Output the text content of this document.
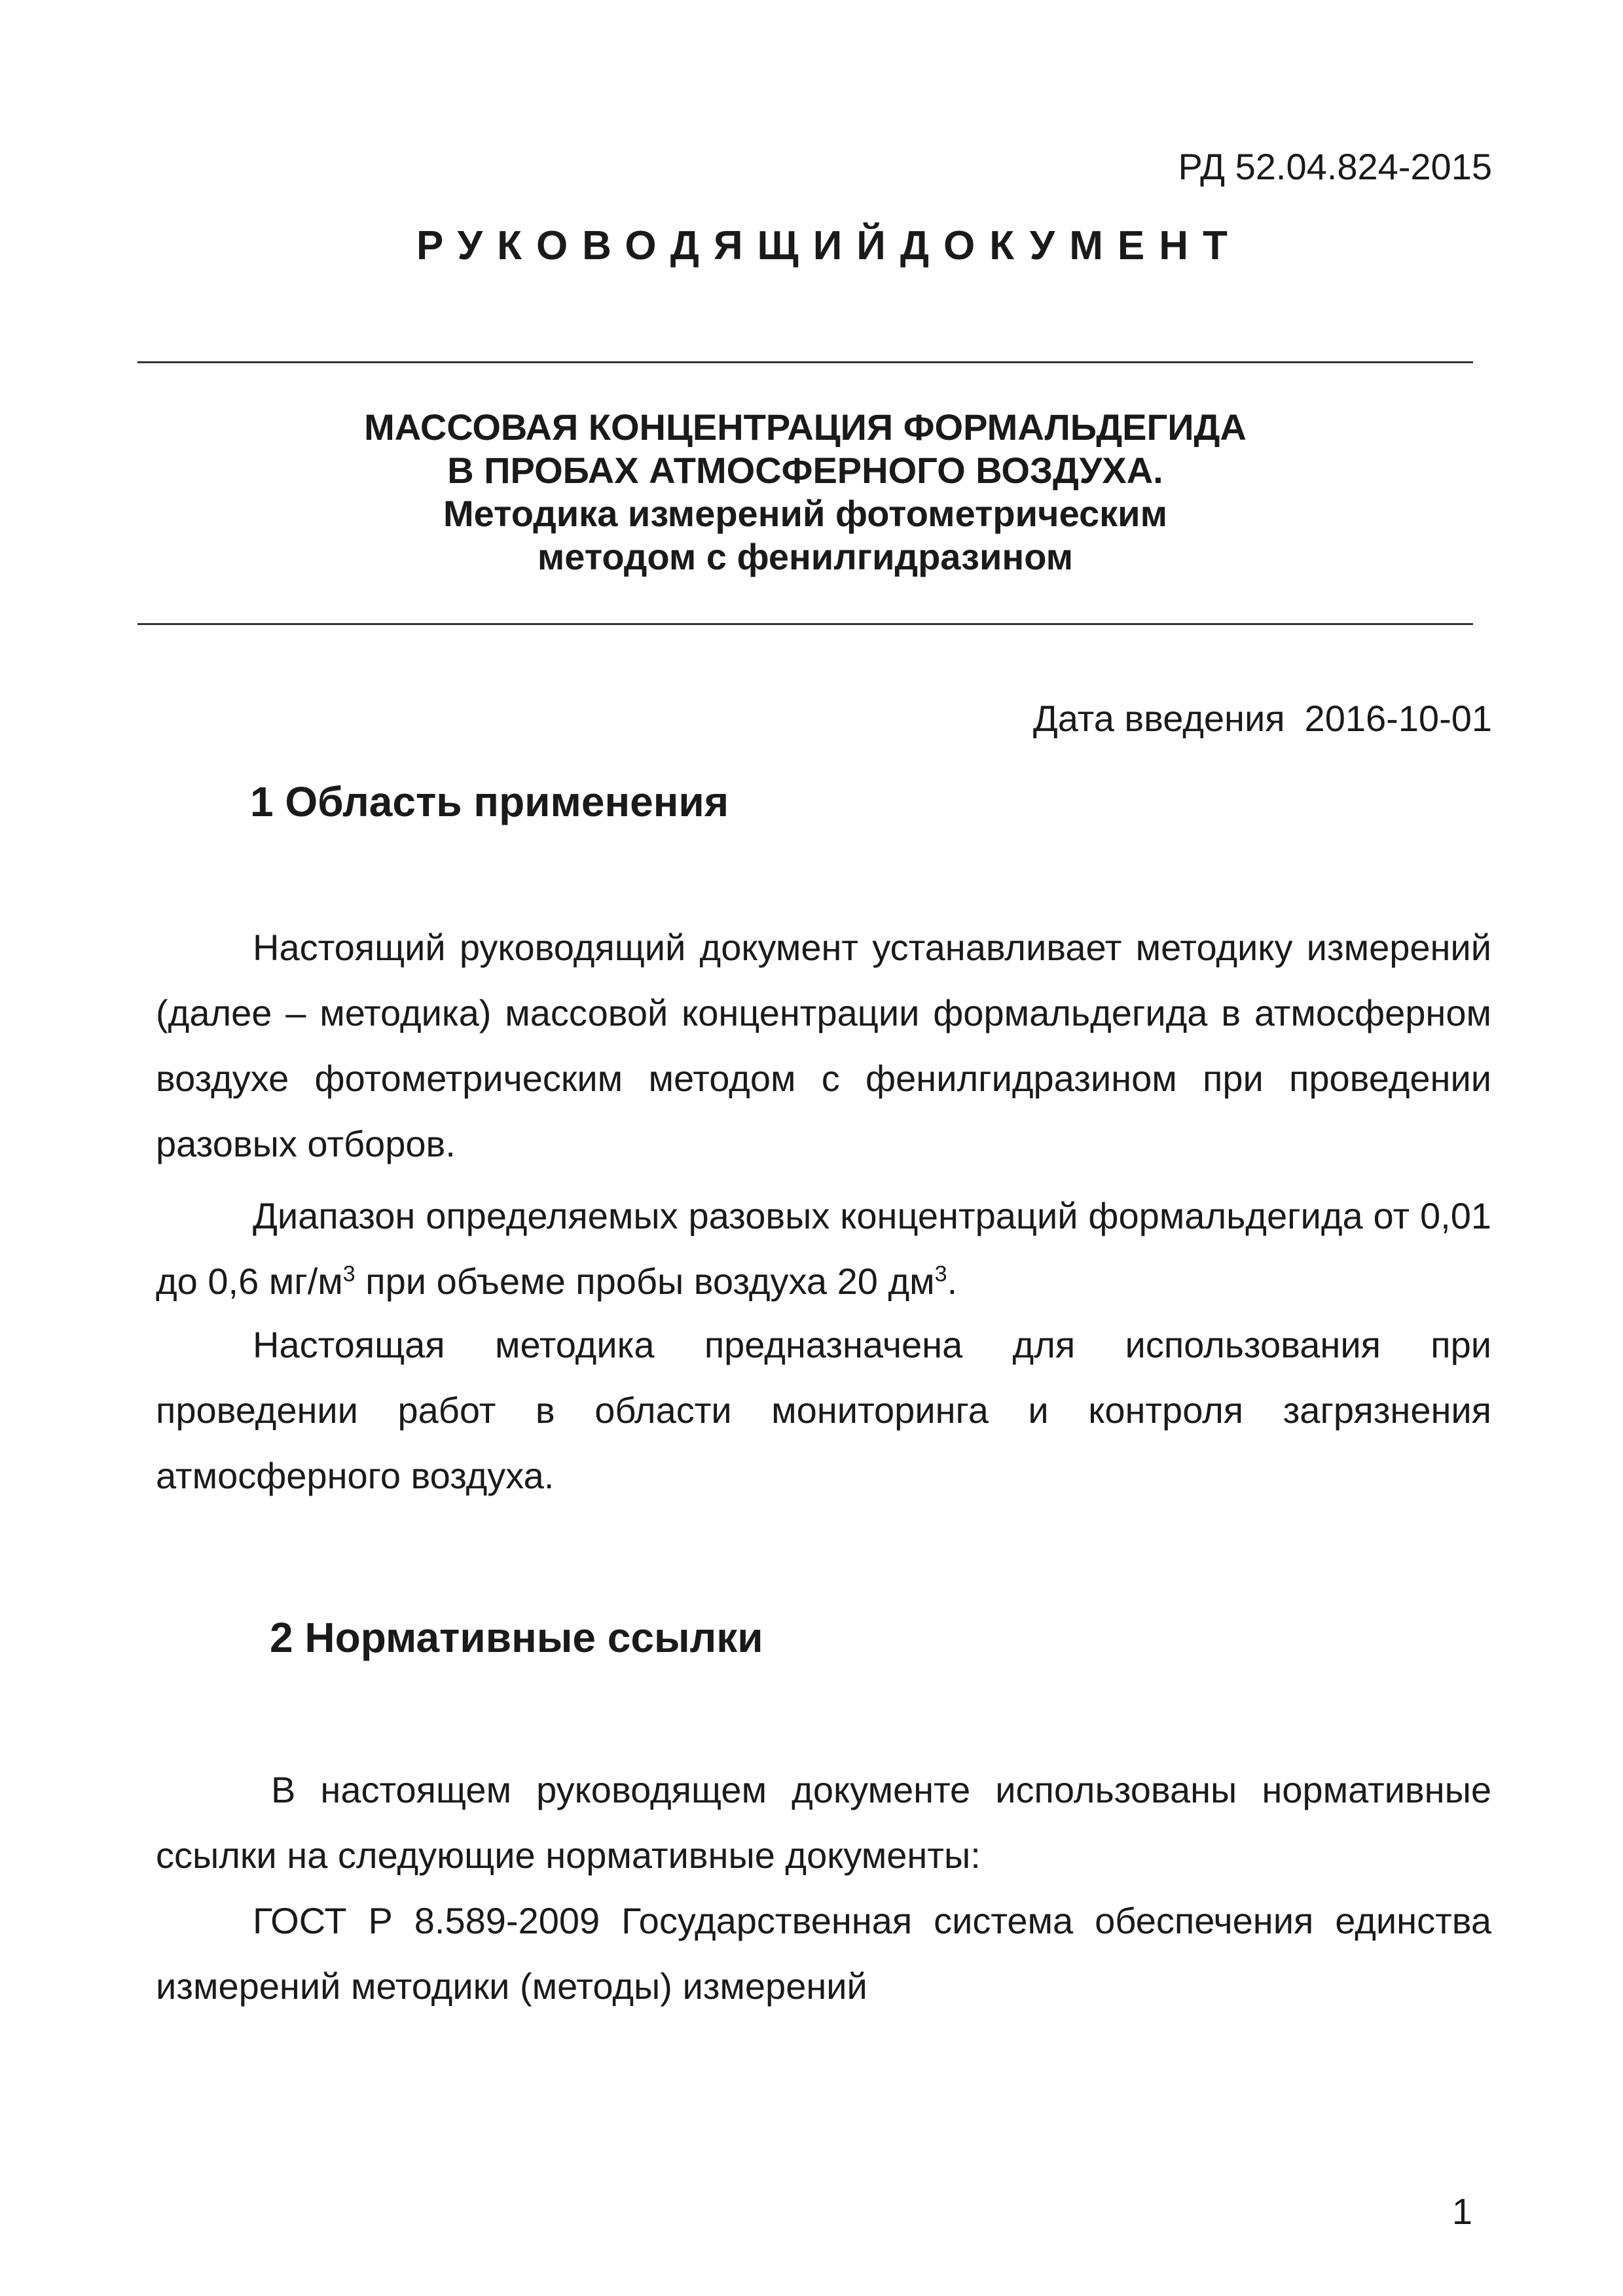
РД 52.04.824-2015
РУКОВОДЯЩИЙДОКУМЕНТ
МАССОВАЯ КОНЦЕНТРАЦИЯ ФОРМАЛЬДЕГИДА
В ПРОБАХ АТМОСФЕРНОГО ВОЗДУХА.
Методика измерений фотометрическим
методом с фенилгидразином
Дата введения 2016-10-01
1 Область применения
Настоящий руководящий документ устанавливает методику измерений (далее – методика) массовой концентрации формальдегида в атмосферном воздухе фотометрическим методом с фенилгидразином при проведении разовых отборов.
Диапазон определяемых разовых концентраций формальдегида от 0,01 до 0,6 $мг/м^3$ при объеме пробы воздуха 20 $дм^3$.
Настоящая методика предназначена для использования при проведении работ в области мониторинга и контроля загрязнения атмосферного воздуха.
2 Нормативные ссылки
В настоящем руководящем документе использованы нормативные ссылки на следующие нормативные документы:
ГОСТ Р 8.589-2009 Государственная система обеспечения единства измерений методики (методы) измерений
1
